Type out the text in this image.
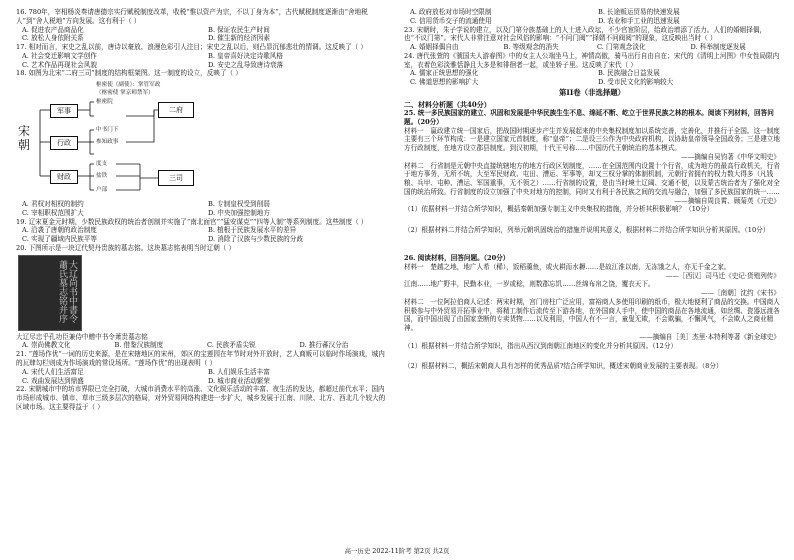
16. 780年，宰相杨炎奏请唐德宗实行赋税制度改革，收税“惟以资产为宗，不以丁身为本”，古代赋税制度逐渐由“舍地税人”到“舍人税地”方向发展。这有利于（ ）

A. 促进农产品商品化	B. 保证农民生产时间

C. 放松人身依附关系	D. 催生新的经济因素

17. 相对而言，宋史之乱以前，唐诗以豪放、浪漫色彩引人注目；宋史之乱以后，则凸显沉郁悲壮的情调。这反映了（ ）

A. 社会变迁影响文学创作	B. 皇帝喜好决定诗歌风格

C. 艺术作品再现社会风貌	D. 安史之乱导致唐诗衰落

18. 如图为北宋“二府三司”制度的结构框架图。这一制度的设立，反映了（ ）

宋朝
军事
行政
财政
枢密使（副使）：掌管军政
（枢密使 掌京师禁军）
枢密院
中书门下
参知政事
二府
度支
盐铁
户部
三司

A. 君权对相权的制约	B. 专制皇权受到削弱

C. 宰相职权范围扩大	D. 中央加强控制地方

19. 辽宋夏金元时期，少数民族政权的统治者创制并实施了“南北面官”“猛安谋克”“四等人制”等系列制度。这些制度（ ）

A. 沿袭了唐朝的政治制度	B. 植根于民族发展水平的差异

C. 实现了疆域内民族平等	D. 消除了汉族与少数民族的分歧

20. 下图所示是一块辽代契丹贵族的墓志铭。这块墓志铭表明当时辽朝（ ）

大辽尚书中書令蕭氏墓志铭并序

大辽尽忠乎孔功臣兼侍中赠中书令萧贵墓志铭

A. 崇尚佛教文化	B. 借鉴汉族制度	C. 民族矛盾尖锐	D. 推行蕃汉分治

21. “莲场作优”一词的历史来源，是在宋辖地区的宋州，郊区的宝莲园在年节时对外开放时，艺人商贩可以临时作场演戏，城内的瓦肆勾栏则成为作场演戏的常设场所。“莲场作优”的出现表明（ ）

A. 宋代人们生活富足	B. 人们娱乐生活丰富

C. 戏曲发展达到鼎盛	D. 城市商业活动繁荣

22. 宋朝城市中的坊市界限已完全打破，大城市消费水平的高涨、文化娱乐活动的丰富、夜生活的发达，都超过前代水平；国内市场形成城市、镇市、草市三级多层次的格局，对外贸易网络构建进一步扩大，城乡发展于江南、川陕、北方、西北几个较大的区域市场。这主要得益于（ ）

A. 政府放松对市场时空限制	B. 长途贩运贸易的快速发展

C. 信用货币交子的流通使用	D. 农业和手工业的迅速发展

23. 宋朝时，朱子学说的建立，以及门第分族基础上的人士进入政坛，不少官宦阶层，给政治增添了活力。人们的婚姻择偶，也“不议门第”。宋代人非常注意对社会风俗的影响：“不问门阀”“择婿不问阀阅”的现象，这反映出当时（ ）

A. 婚姻择偶自由	B. 等级观念的消失	C. 门第观念淡化	D. 科举制度逐发展

24. 唐代张萱的《虢国夫人游春图》中的女主人公端坐马上，神情高傲，骑马出行自由自在；宋代的《清明上河图》中女性局限内室，衣着色彩淡雅恬静且大多是和徘徊者一起，或坐轿子里。这反映了宋代（ ）

A. 儒家正统思想的强化	B. 民族融合日益发展

C. 佛道思想的影响扩大	D. 受市民文化的影响较大

第II卷（非选择题）

二、材料分析题（共40分）

25. 统一多民族国家的建立、巩固和发展是中华民族生生不息、绵延不断、屹立于世界民族之林的根本。阅读下列材料，回答问题。（20分）

材料一　嬴政建立统一国家后，把战国时期逐步产生并发展起来的中央集权制度加以系统完善，完善化，并推行于全国。这一制度主要有三个环节构成：一是建立国家元首制度，称“皇帝”；二是设三公作为中央政府机构，以协助皇帝领导全国政务；三是建立地方行政制度，在地方设立郡县制度。到汉初期，十代王号称……中国历代王朝统治的基本模式。

——摘编自吴钧著《中华文明史》

材料二　行省制是元朝中央直接统辖地方的地方行政区划制度，……在全国范围内设置十个行省，成为地方的最高行政机关，行省于地方事务，无所不统，大至军民财政、屯田、漕运、军事等，却又三权分掌的体制机制，元朝行省拥有的权力数大得多（凡钱粮、兵甲、屯种、漕运、军国重事，无不领之）……行省制的设置，是由当时境土辽阔、交通不便，以及蒙古统治者为了强化对全国的统治所致。行省制度的设立加强了中央对地方的控制，同时又有利于各民族之间的交流与融合，加强了多民族国家的统一……

——摘编自周良霄、顾菊英《元史》

（1）依据材料一并结合所学知识，概括秦朝加强专制主义中央集权的措施，并分析其积极影响？（10分）

（2）根据材料二并结合所学知识，列举元朝巩固统治的措施并说明其意义，根据材料二并结合所学知识分析其原因。（10分）

26. 阅读材料，回答问题。（20分）

材料一　楚越之地，地广人希（稀），饭稻羹鱼，或火耕而水耨……是故江淮以南，无冻饿之人，亦无千金之家。

——［西汉］司马迁《史记·货殖列传》

江南……地广野丰，民勤本业，一岁或稔，则数郡忘饥……丝绵布帛之饶，覆衣天下。

——［南朝］沈约《宋书》

材料二　一位阿拉伯商人记述：两宋时期，宫门房柱广泛应用，富裕商人多使用印刷的纸币，极大地便利了商品的交换。中国商人积极参与中外贸易开拓事业中，将精工制作后流传至下游各地，在外国商人手中，使中国的商品在各地流通，如丝绸、瓷器远渡各国，而中国出现了由国家垄断的专卖货物……以及利用，中国人有不一言，童叟无欺，不会欺骗，不懈风气，不会欺人之商业精神。

——摘编自［美］杰里·本特利等著《新全球史》

（1）根据材料一并结合所学知识，指出从西汉到南朝江南地区的变化并分析其原因。（12分）

（2）根据材料二，概括宋朝商人具有怎样的优秀品质?结合所学知识，概述宋朝商业发展的主要表现。（8分）

高一历史 2022-11阶考 第2页 共2页
